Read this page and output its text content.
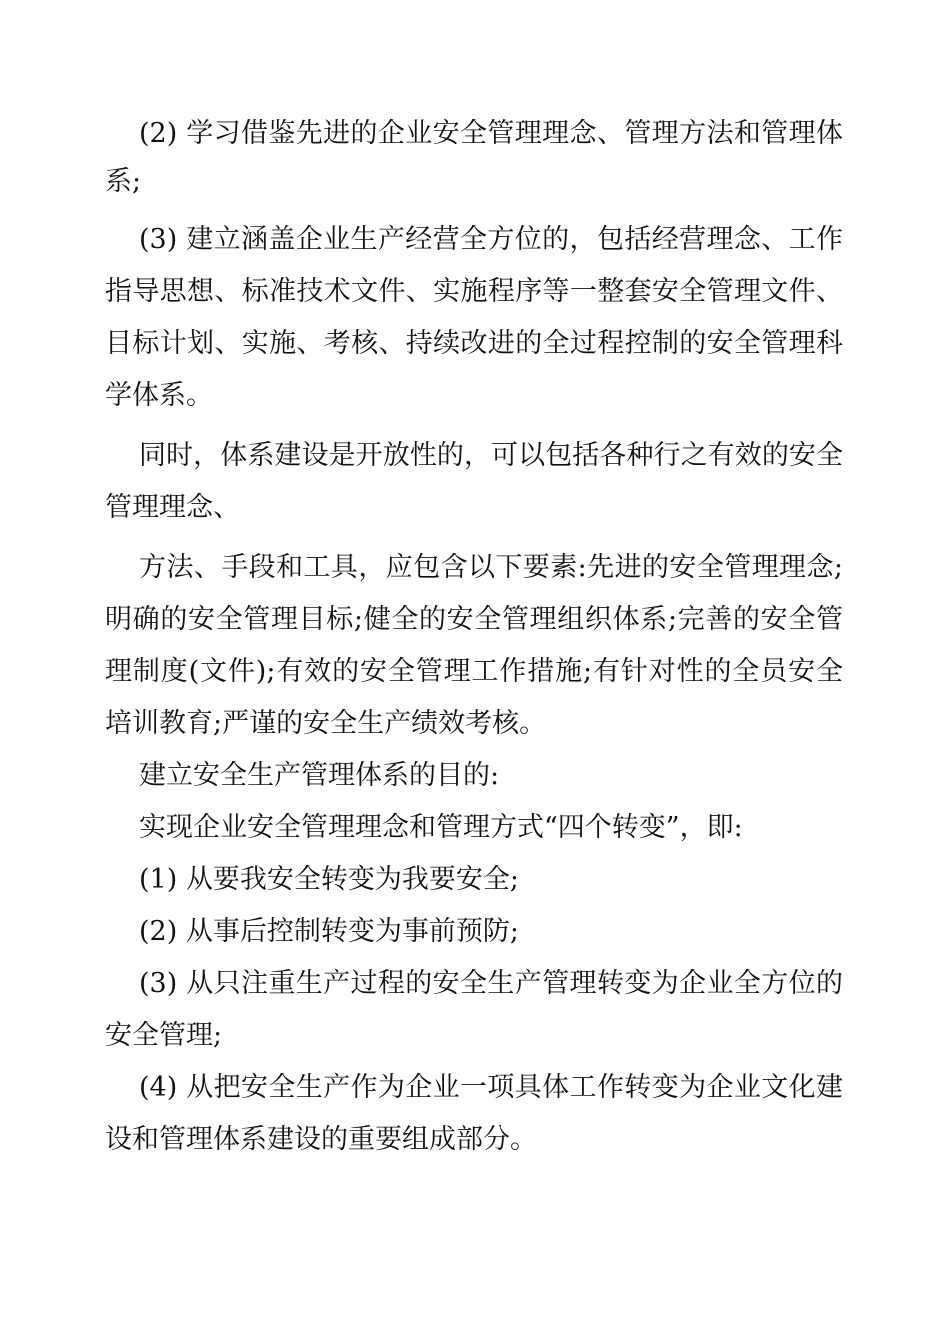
(2) 学习借鉴先进的企业安全管理理念、管理方法和管理体系;

(3) 建立涵盖企业生产经营全方位的，包括经营理念、工作指导思想、标准技术文件、实施程序等一整套安全管理文件、目标计划、实施、考核、持续改进的全过程控制的安全管理科学体系。

同时，体系建设是开放性的，可以包括各种行之有效的安全管理理念、

方法、手段和工具，应包含以下要素:先进的安全管理理念;明确的安全管理目标;健全的安全管理组织体系;完善的安全管理制度(文件);有效的安全管理工作措施;有针对性的全员安全培训教育;严谨的安全生产绩效考核。

建立安全生产管理体系的目的:

实现企业安全管理理念和管理方式“四个转变”，即:

(1) 从要我安全转变为我要安全;

(2) 从事后控制转变为事前预防;

(3) 从只注重生产过程的安全生产管理转变为企业全方位的安全管理;

(4) 从把安全生产作为企业一项具体工作转变为企业文化建设和管理体系建设的重要组成部分。
